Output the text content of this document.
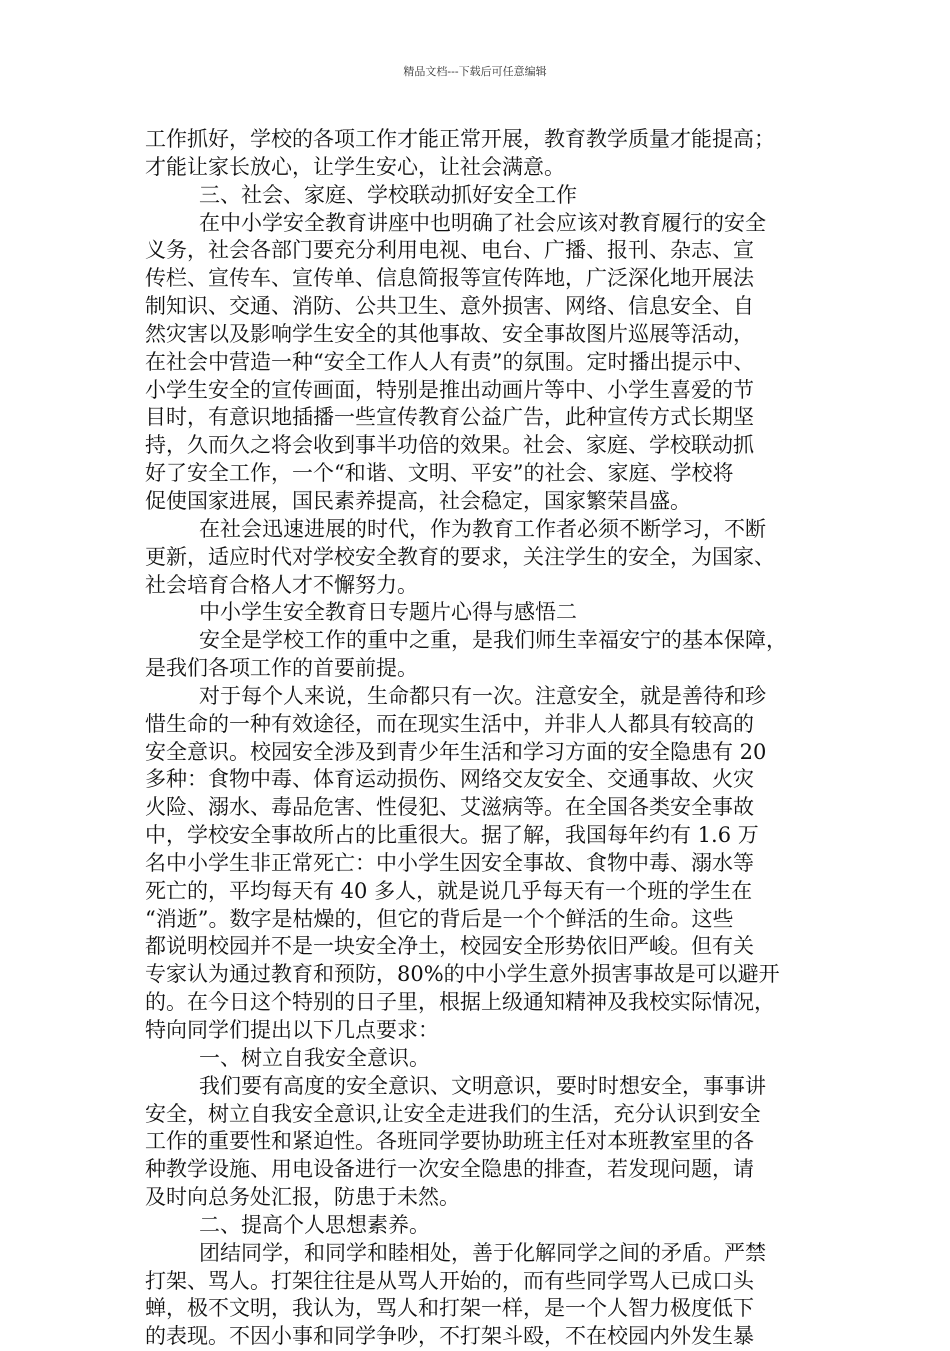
精品文档---下载后可任意编辑
工作抓好，学校的各项工作才能正常开展，教育教学质量才能提高；
才能让家长放心，让学生安心，让社会满意。
三、社会、家庭、学校联动抓好安全工作
在中小学安全教育讲座中也明确了社会应该对教育履行的安全
义务，社会各部门要充分利用电视、电台、广播、报刊、杂志、宣
传栏、宣传车、宣传单、信息简报等宣传阵地，广泛深化地开展法
制知识、交通、消防、公共卫生、意外损害、网络、信息安全、自
然灾害以及影响学生安全的其他事故、安全事故图片巡展等活动，
在社会中营造一种“安全工作人人有责”的氛围。定时播出提示中、
小学生安全的宣传画面，特别是推出动画片等中、小学生喜爱的节
目时，有意识地插播一些宣传教育公益广告，此种宣传方式长期坚
持，久而久之将会收到事半功倍的效果。社会、家庭、学校联动抓
好了安全工作，一个“和谐、文明、平安”的社会、家庭、学校将
促使国家进展，国民素养提高，社会稳定，国家繁荣昌盛。
在社会迅速进展的时代，作为教育工作者必须不断学习，不断
更新，适应时代对学校安全教育的要求，关注学生的安全，为国家、
社会培育合格人才不懈努力。
中小学生安全教育日专题片心得与感悟二
安全是学校工作的重中之重，是我们师生幸福安宁的基本保障，
是我们各项工作的首要前提。
对于每个人来说，生命都只有一次。注意安全，就是善待和珍
惜生命的一种有效途径，而在现实生活中，并非人人都具有较高的
安全意识。校园安全涉及到青少年生活和学习方面的安全隐患有 20
多种：食物中毒、体育运动损伤、网络交友安全、交通事故、火灾
火险、溺水、毒品危害、性侵犯、艾滋病等。在全国各类安全事故
中，学校安全事故所占的比重很大。据了解，我国每年约有 1.6 万
名中小学生非正常死亡：中小学生因安全事故、食物中毒、溺水等
死亡的，平均每天有 40 多人，就是说几乎每天有一个班的学生在
“消逝”。数字是枯燥的，但它的背后是一个个鲜活的生命。这些
都说明校园并不是一块安全净土，校园安全形势依旧严峻。但有关
专家认为通过教育和预防，80%的中小学生意外损害事故是可以避开
的。在今日这个特别的日子里，根据上级通知精神及我校实际情况，
特向同学们提出以下几点要求：
一、树立自我安全意识。
我们要有高度的安全意识、文明意识，要时时想安全，事事讲
安全，树立自我安全意识,让安全走进我们的生活，充分认识到安全
工作的重要性和紧迫性。各班同学要协助班主任对本班教室里的各
种教学设施、用电设备进行一次安全隐患的排查，若发现问题，请
及时向总务处汇报，防患于未然。
二、提高个人思想素养。
团结同学，和同学和睦相处，善于化解同学之间的矛盾。严禁
打架、骂人。打架往往是从骂人开始的，而有些同学骂人已成口头
蝉，极不文明，我认为，骂人和打架一样，是一个人智力极度低下
的表现。不因小事和同学争吵，不打架斗殴，不在校园内外发生暴
